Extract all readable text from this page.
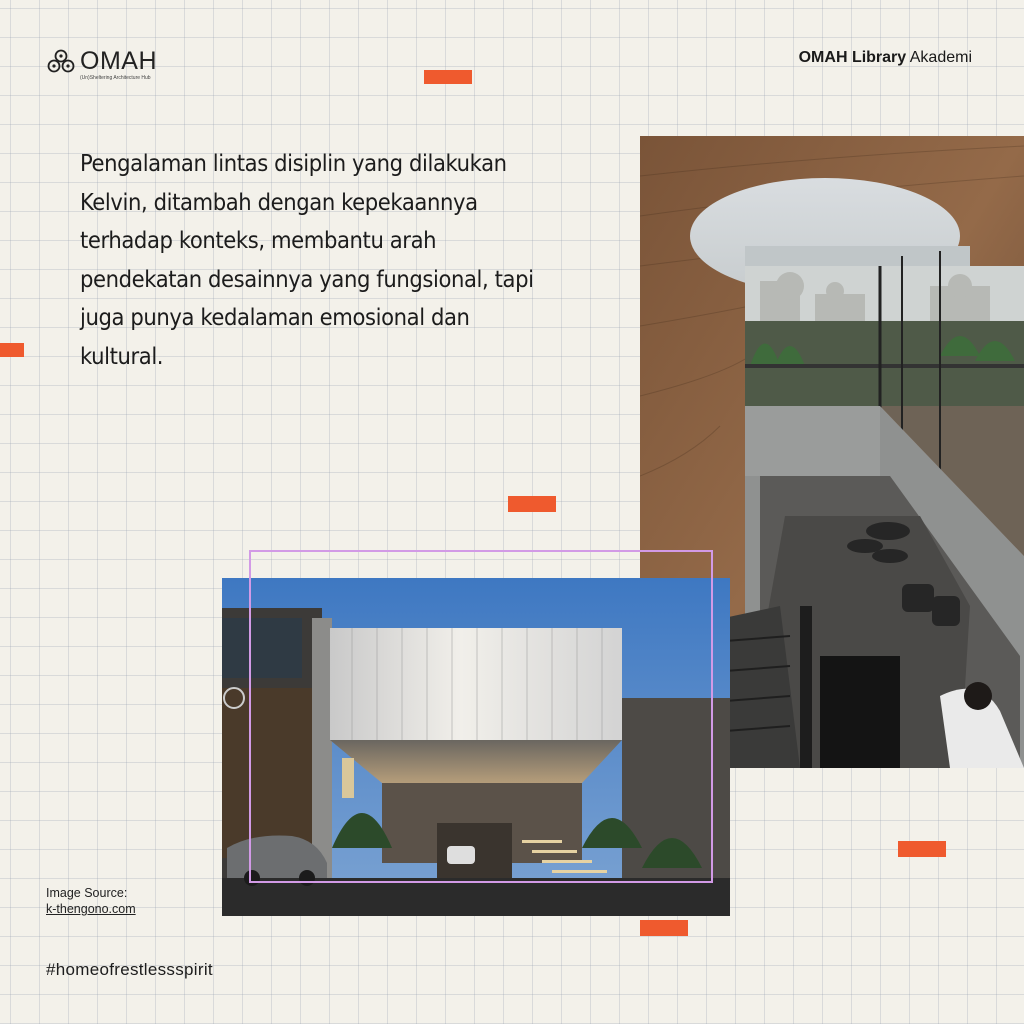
OMAH
(Un)Sheltering Architecture Hub
OMAH Library Akademi

Pengalaman lintas disiplin yang dilakukan Kelvin, ditambah dengan kepekaannya terhadap konteks, membantu arah pendekatan desainnya yang fungsional, tapi juga punya kedalaman emosional dan kultural.

Image Source:
k-thengono.com
#homeofrestlessspirit
